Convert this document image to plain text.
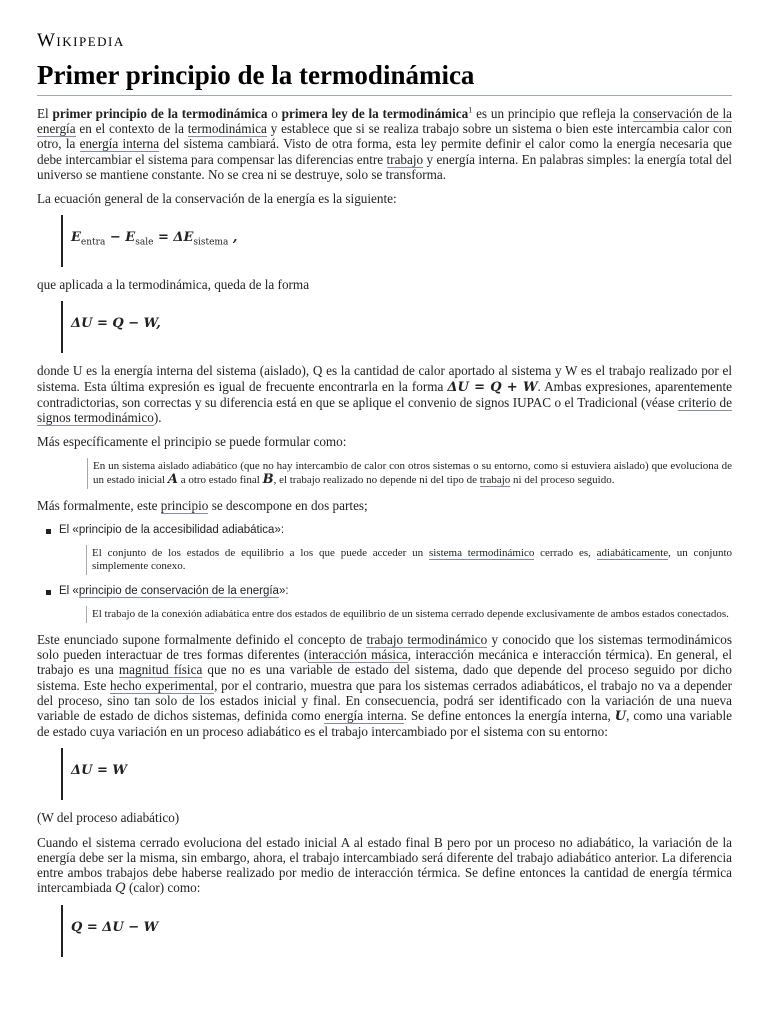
Wikipedia
Primer principio de la termodinámica

El primer principio de la termodinámica o primera ley de la termodinámica$^1$ es un principio que refleja la conservación de la energía en el contexto de la termodinámica y establece que si se realiza trabajo sobre un sistema o bien este intercambia calor con otro, la energía interna del sistema cambiará. Visto de otra forma, esta ley permite definir el calor como la energía necesaria que debe intercambiar el sistema para compensar las diferencias entre trabajo y energía interna. En palabras simples: la energía total del universo se mantiene constante. No se crea ni se destruye, solo se transforma.

La ecuación general de la conservación de la energía es la siguiente:

$E_{entra} - E_{sale} = \Delta E_{sistema}$ ,

que aplicada a la termodinámica, queda de la forma

ΔU = Q − W,

donde U es la energía interna del sistema (aislado), Q es la cantidad de calor aportado al sistema y W es el trabajo realizado por el sistema. Esta última expresión es igual de frecuente encontrarla en la forma ΔU = Q + W. Ambas expresiones, aparentemente contradictorias, son correctas y su diferencia está en que se aplique el convenio de signos IUPAC o el Tradicional (véase criterio de signos termodinámico).

Más específicamente el principio se puede formular como:

En un sistema aislado adiabático (que no hay intercambio de calor con otros sistemas o su entorno, como si estuviera aislado) que evoluciona de un estado inicial A a otro estado final B, el trabajo realizado no depende ni del tipo de trabajo ni del proceso seguido.

Más formalmente, este principio se descompone en dos partes;

El «principio de la accesibilidad adiabática»:
El conjunto de los estados de equilibrio a los que puede acceder un sistema termodinámico cerrado es, adiabáticamente, un conjunto simplemente conexo.
El «principio de conservación de la energía»:
El trabajo de la conexión adiabática entre dos estados de equilibrio de un sistema cerrado depende exclusivamente de ambos estados conectados.

Este enunciado supone formalmente definido el concepto de trabajo termodinámico y conocido que los sistemas termodinámicos solo pueden interactuar de tres formas diferentes (interacción másica, interacción mecánica e interacción térmica). En general, el trabajo es una magnitud física que no es una variable de estado del sistema, dado que depende del proceso seguido por dicho sistema. Este hecho experimental, por el contrario, muestra que para los sistemas cerrados adiabáticos, el trabajo no va a depender del proceso, sino tan solo de los estados inicial y final. En consecuencia, podrá ser identificado con la variación de una nueva variable de estado de dichos sistemas, definida como energía interna. Se define entonces la energía interna, U, como una variable de estado cuya variación en un proceso adiabático es el trabajo intercambiado por el sistema con su entorno:

ΔU = W

(W del proceso adiabático)

Cuando el sistema cerrado evoluciona del estado inicial A al estado final B pero por un proceso no adiabático, la variación de la energía debe ser la misma, sin embargo, ahora, el trabajo intercambiado será diferente del trabajo adiabático anterior. La diferencia entre ambos trabajos debe haberse realizado por medio de interacción térmica. Se define entonces la cantidad de energía térmica intercambiada Q (calor) como:

Q = ΔU − W
